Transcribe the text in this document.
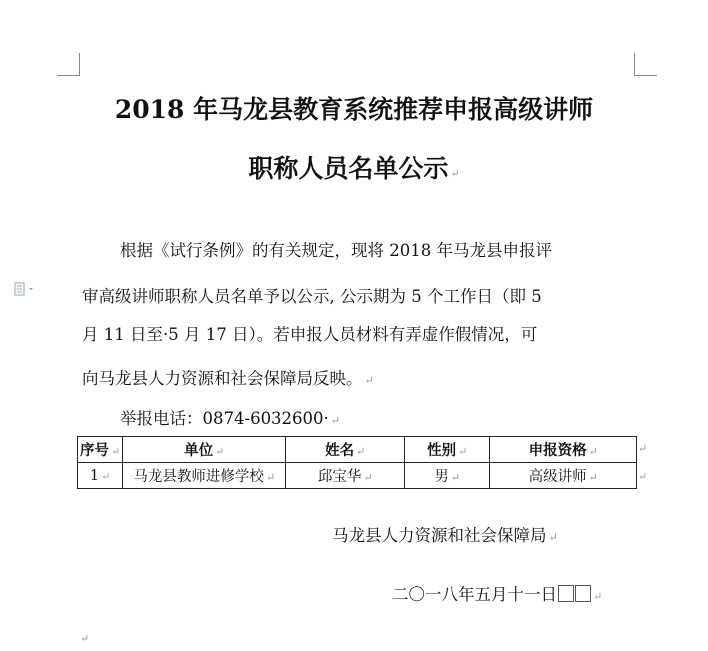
2018 年马龙县教育系统推荐申报高级讲师
职称人员名单公示 ↵
根据《试行条例》的有关规定，现将 2018 年马龙县申报评
审高级讲师职称人员名单予以公示, 公示期为 5 个工作日（即 5
月 11 日至·5 月 17 日）。若申报人员材料有弄虚作假情况，可
向马龙县人力资源和社会保障局反映。 ↵
举报电话：0874-6032600· ↵
序号 ↵	单位 ↵	姓名 ↵	性别 ↵	申报资格 ↵
1 ↵	马龙县教师进修学校 ↵	邱宝华 ↵	男 ↵	高级讲师 ↵
↵
↵
马龙县人力资源和社会保障局 ↵
二〇一八年五月十一日	↵
↵
